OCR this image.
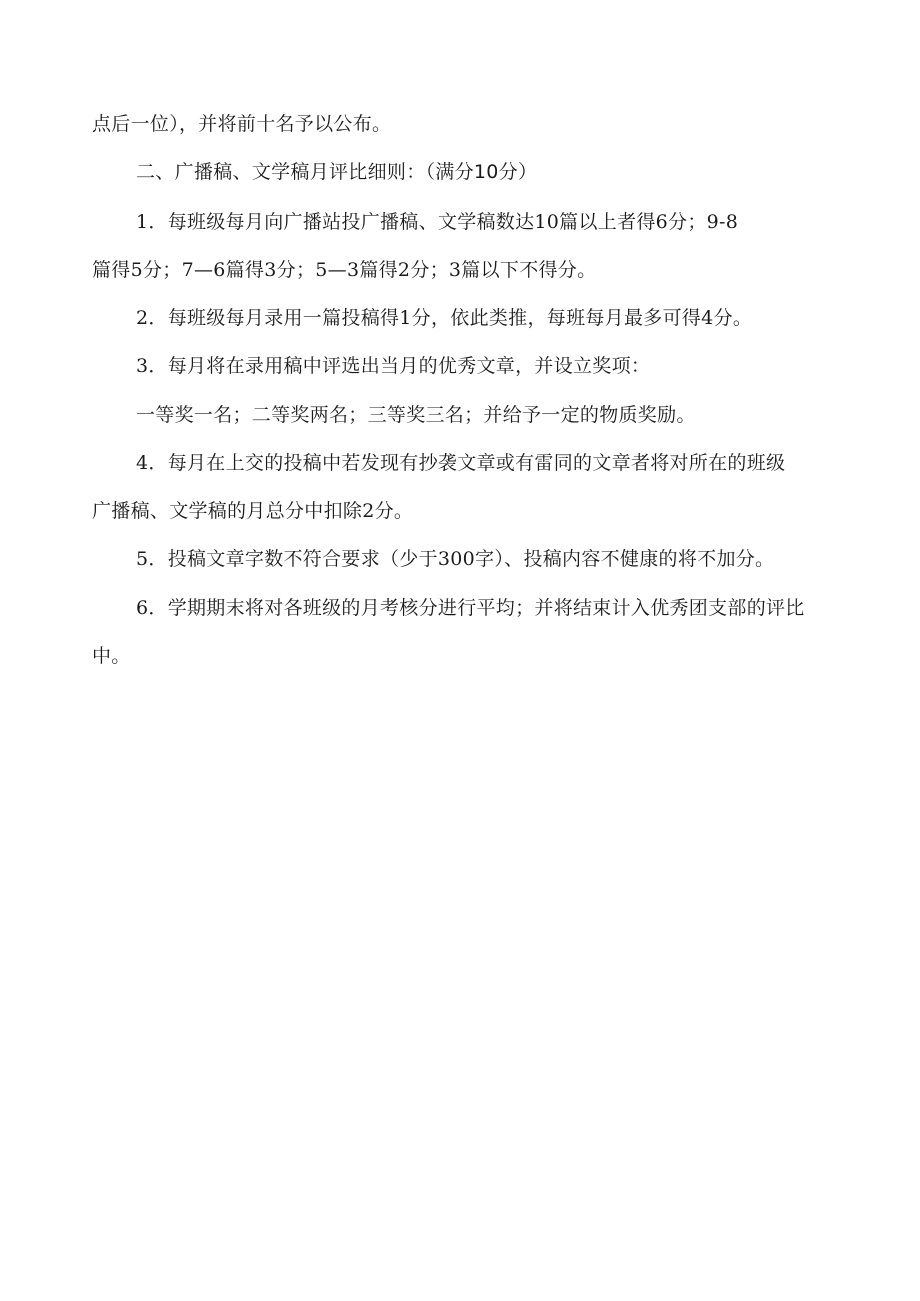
点后一位），并将前十名予以公布。
二、广播稿、文学稿月评比细则：（满分10分）
1．每班级每月向广播站投广播稿、文学稿数达10篇以上者得6分；9-8
篇得5分；7—6篇得3分；5—3篇得2分；3篇以下不得分。
2．每班级每月录用一篇投稿得1分，依此类推，每班每月最多可得4分。
3．每月将在录用稿中评选出当月的优秀文章，并设立奖项：
一等奖一名；二等奖两名；三等奖三名；并给予一定的物质奖励。
4．每月在上交的投稿中若发现有抄袭文章或有雷同的文章者将对所在的班级
广播稿、文学稿的月总分中扣除2分。
5．投稿文章字数不符合要求（少于300字）、投稿内容不健康的将不加分。
6．学期期末将对各班级的月考核分进行平均；并将结束计入优秀团支部的评比
中。
